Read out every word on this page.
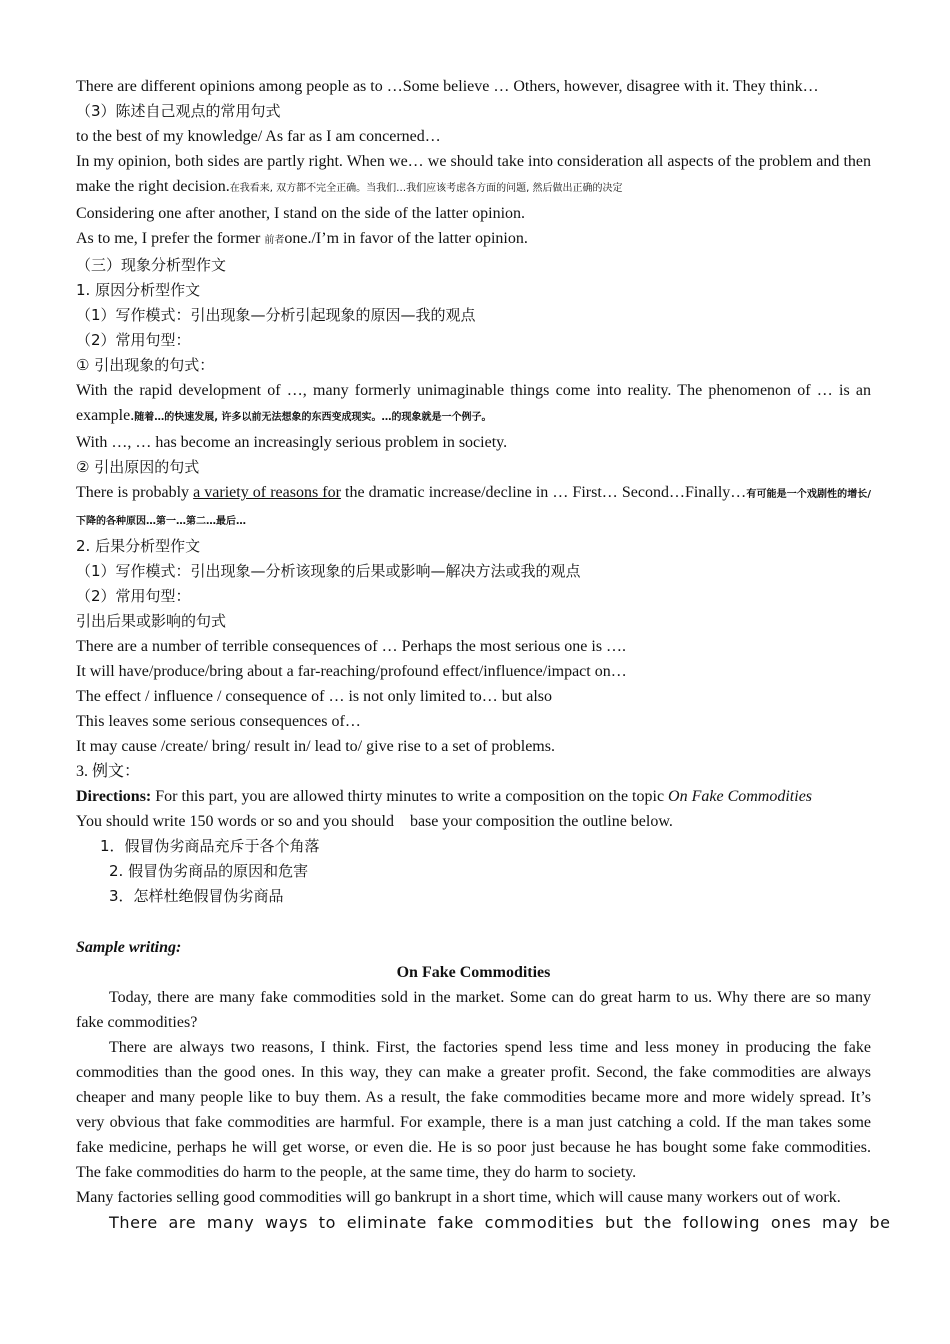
There are different opinions among people as to …Some believe … Others, however, disagree with it. They think…

（3）陈述自己观点的常用句式

to the best of my knowledge/ As far as I am concerned…

In my opinion, both sides are partly right. When we… we should take into consideration all aspects of the problem and then make the right decision.在我看来, 双方都不完全正确。当我们…我们应该考虑各方面的问题, 然后做出正确的决定

Considering one after another, I stand on the side of the latter opinion.

As to me, I prefer the former 前者one./I’m in favor of the latter opinion.

（三）现象分析型作文

1. 原因分析型作文

（1）写作模式：引出现象—分析引起现象的原因—我的观点

（2）常用句型：

① 引出现象的句式：

With the rapid development of …, many formerly unimaginable things come into reality. The phenomenon of … is an example.随着…的快速发展, 许多以前无法想象的东西变成现实。…的现象就是一个例子。

With …, … has become an increasingly serious problem in society.

② 引出原因的句式

There is probably a variety of reasons for the dramatic increase/decline in … First… Second…Finally…有可能是一个戏剧性的增长/下降的各种原因…第一…第二…最后…

2. 后果分析型作文

（1）写作模式：引出现象—分析该现象的后果或影响—解决方法或我的观点

（2）常用句型：

引出后果或影响的句式

There are a number of terrible consequences of … Perhaps the most serious one is ….

It will have/produce/bring about a far-reaching/profound effect/influence/impact on…

The effect / influence / consequence of … is not only limited to… but also

This leaves some serious consequences of…

It may cause /create/ bring/ result in/ lead to/ give rise to a set of problems.

3. 例文：

Directions: For this part, you are allowed thirty minutes to write a composition on the topic On Fake Commodities

You should write 150 words or so and you should    base your composition the outline below.

1．假冒伪劣商品充斥于各个角落

2. 假冒伪劣商品的原因和危害

3．怎样杜绝假冒伪劣商品

Sample writing:

On Fake Commodities

Today, there are many fake commodities sold in the market. Some can do great harm to us. Why there are so many fake commodities?

There are always two reasons, I think. First, the factories spend less time and less money in producing the fake commodities than the good ones. In this way, they can make a greater profit. Second, the fake commodities are always cheaper and many people like to buy them. As a result, the fake commodities became more and more widely spread. It’s very obvious that fake commodities are harmful. For example, there is a man just catching a cold. If the man takes some fake medicine, perhaps he will get worse, or even die. He is so poor just because he has bought some fake commodities. The fake commodities do harm to the people, at the same time, they do harm to society.

Many factories selling good commodities will go bankrupt in a short time, which will cause many workers out of work.

There are many ways to eliminate fake commodities but the following ones may be
